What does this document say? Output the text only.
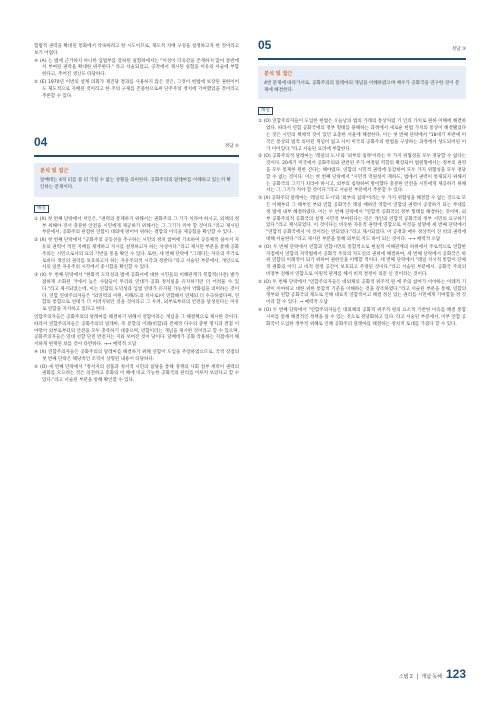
힘법적 권력을 확대된 통화에서 약속하려고 한 시도이므로, 제도적 지배 구성을 설정하고자 한 것이라고 보기 어렵다.

④ (A) 는 법에 근거하지 아니한 입법부를 강하된 실험하에서는 "이성이 더욱강을 존재하지 않아 통반에서 부여된 권력을 확대한 위주한다." 라고 서술되었고, 공작에서 제시된 실험을 이유의 서술에 부합한다고, 추어진 생산도 타당하다.

⑤ (E) 1970년 이번의 설계 의회가 제진당 결과를 사용하지 않은 것은, 그것이 현법에 보장된 권한이어도 제도적으로 지배된 것이라고 한 주의 구제를 존중한으로써 단주주의 정치에 기여했었을 것이라고 추론할 수 있다.

04	정답 ⑤
분석 및 접근
달배데는 4적 터를 쓸 터 가질 수 없는 상황을 의미한다. 공화주의의 달레마를 이해하고 있는지 확인하는 문제이다.
해설

① (X) 첫 번째 단락에서 저인은, "권력의 통제하기 위해서는 권화주의 그 기가 치라야 하시고, 외체의 정부 위해야 것서 충분한 안전을 시민에게 제공하기 위해서는 그 그기가 커야 할 것이다."라고 제시된 부분에서, 공화주의 관점한 연함이 대외에 방어어 위하는 결합의 이익을 제공함을 확인할 수 있다.

② (X) 첫 번째 단락에서 "공화주의 공동선을 추구하는 시민의 정치 참여에 기초하여 공동체적 실어서 자유의 권력이 적된 지배를 제재하고 지시를 설정하고자 하는 사상이다."라고 제시된 부분을 통해 공화주의는 시민으로서의 요의 기반을 통을 확인 수 있다. 또한, 세 번째 단락에 "그래다는 자유의 주기로로바다 개인의 권리를 보호하고자 하는 자유주의적 시각과 정반다."라고 서술된 부분에서, 개인으로서의 일본 자유주의 시각에서 중시함을 확인할 수 있다.

③ (X) 두 번째 단락에서 "현화적 도덕성과 법에 공화서에 대한 시민들의 이해관계가 복합적(사전) 발가졌하게 소화된 거에서 높은 사람들이 무리와 연대가 공화 정치실을 유지하기란 더 어려울 수 있다."라고 제시되었는데, 이는 연합의 도덕성과 입법 연대가 유지될 가능성이 약화됨을 의미하는 것이다. 연합 연대주의자들은 "외연력의 이원, 이해/도의 치사로)이 연합해서 연체되 더 수극하였다며, 연합의 통합으로 연대가 더 어려지워던 것을 것이라고 그 우려, 외부로부터의 안전을 달성된다는 이유로 연합을 지지하고 있다고 한다.

연합주의자들은 공화주의의 달레마를 해결하기 위해서 연합이라는 개념을 그 해결책으로 제시한 것이다. 따라서 연합주의자들은 공화주의의 딜레마, 즉 분할의 이례(비합)과 전체적 다수의 충현 명지과 결점 이야망이 외부로부터의 안전을 모두 충족하기 대중으며, 연합이라는 개념을 제시한 것이라고 할 수 있으며, 공화주의자들은 연대 선할 단전 반전지는 지와 보여진 것이 당이다. 달배데가 공화 작용하는 지점에서 해서하게 현재된 보를 것이 타반하다. →→ 매력적 오답

④ (X) 연합주의자들은 공화주의의 달레마를 해결하기 위해 연합이 도입을 주장하였으므로, 국적 강점의 첫 번째 단락은 해당적인 조직이 상형된 내용이 타당하다.

⑤ (O) 세 번째 단락에서 "정서지의 성품과 정서적 시민의 참당을 통해 경쟁의 사회 점부 세력이 권력의 권화를 모으려는 것은 의전하고 충화의 이 해에 비교 가능한 공화국의 관리를 이루커 보았다고 할 수 있다."라고 서술된 부분을 통해 확인할 수 있다.

05	정답 ③
분석 및 접근
4번 문제에 따라가서로, 공화주의의 달레마의 개념을 이해하였으며 배우가 공화국을 연구한 것이 문제에 해결한다.
해설

① (O) 연합주의자들이 도입한 현법은 오늘날의 법의 가래의 통상처럼 기 인의 가치로 원하 이해에 해결하였다. 따라서 연합 공화국에의 정부 형태를 용해하는 과정에서 새로운 헌법 가치의 통상이 해결됐었다는 것은 시민의 책체적 것이 있던 요충한 서울에 해결한다. 이는 첫 번째 단락에서 "18세기 후반에 미국은 통상되 법적 의미된 개념이 없고 사이 미국의 공화주의 헌법을 구상하는 과정에서 성도되어된 이 가 이어있다."라고 서술된 요리에 부합한다.

② (O) 공화주의적 달레마는 '레일의 도시'와 '외부의 침략'이라는 두 가지 위협성을 모두 정당할 수 없다는 것이다. 20세기 미국에서 공화주의와 관련된 주가 여정될 역할의 확장되어 법원형에서는 정부의 권력을 모두 통제한 원한 진다는 해야였다. 연합의 시민적 권력에 동감하여 모두 가지 위협성을 모두 정당할 수 없는 것이다. 이는 첫 번째 단락에서 "시민적 역원성이 제하도, 법에서 권력이 통제되지 위해서는 공화국의 그기가 치라야 하시고, 외부의 침략하여 방어했다 충분한 안전을 시민에게 제공하기 위해서는 그 그기가 커야 할 것이다."라고 서술된 부분에서 추론할 수 있다.

③ (X) 공화주의 달레마는 '레일의 도시'와 '외부의 침략'이라는 두 가지 위협성을 해결할 수 없는 것으로 모든 이해부터 그 해부인 부와 연합 공화국은 레일 배하연 역할이 연합의 권력이 공장하기 되는 무대를 정 법에 내부 해결하였다. 이는 두 번째 단락에서 "연합적 공화국의 정부 형태를 해결하는 것이며, 외부 공화주의적 공화국의 설정 시민적 부여된다는 것은 개인의 연합적 공화국의 정부 시민의 요구하기 있다."라고 제시되었다. 이 것이다는 비슷한 자유적 권력에 연합으로 이것을 설명에 세 번째 단락에서 "연합적 공화국에서 이 것이라는 반되었다."라고 제시되었다. 이 공정과 매우 정상적이 진 비의 권력에 대해 서술한다."라고 제시된 부분을 통해 외부의 지도 하이 되는 것이다. →→ 매력적 오답

④ (O) 두 번째 단락에서 연합과 연합시민의 통합적으로 현실적 이해관계의 하위에서 주로적으로 연합한 지점에서 연합의 지역법에서 공화국 주의의 자도연의 권위에 해결하여, 세 번째 단락에서 공화국은 하위 연합의 이례적이 되기 위하여 권한인을 이행할 적이다. 세 번째 단락에서 "레일 지시적 통합이 단체적 권화의 이익 고 비적 결정 공간이 보호되고 주정된 것이다."라고 서술된 부분에서, 공화국 주의의 비정부 전해서 연합으로 이원적 관계를 해서 비적 결정이 의문 인 것이라는 것이다.

⑤ (O) 두 번째 단락에서 "연합주의자들은 대외체의 공화적 위주적 원 에 주의 참여가 이야하는 이례적 기관이 이야하고 대한 위한 통합적 기준을 이해하는 것을 강조하였다."라고 서술된 부분을 통해, 연합의 정부와 연합 공화국의 제도로 인해 대표적 연합적이고 해결 정신 있는 권리를 시민에게 기여함을 정 것이라 할 수 있다. → 매력적 오답

⑥ (O) 두 번째 단락에서 "연합주의자들은 대외체의 공화적 위주적 원의 요소적 기반한 이유를 해결 통합 시미를 통해 해결적인 정책을 살 수 있는 것으로 정당화하고 있다. 라고 서술된 부분에서, 이부 연합 공화국이 도입한 정부적 위해로 인해 공화주의 달레마를 해결하는 정치적 토대를 가졌다 할 수 있다.

스템 2 | 개념 독해 123
